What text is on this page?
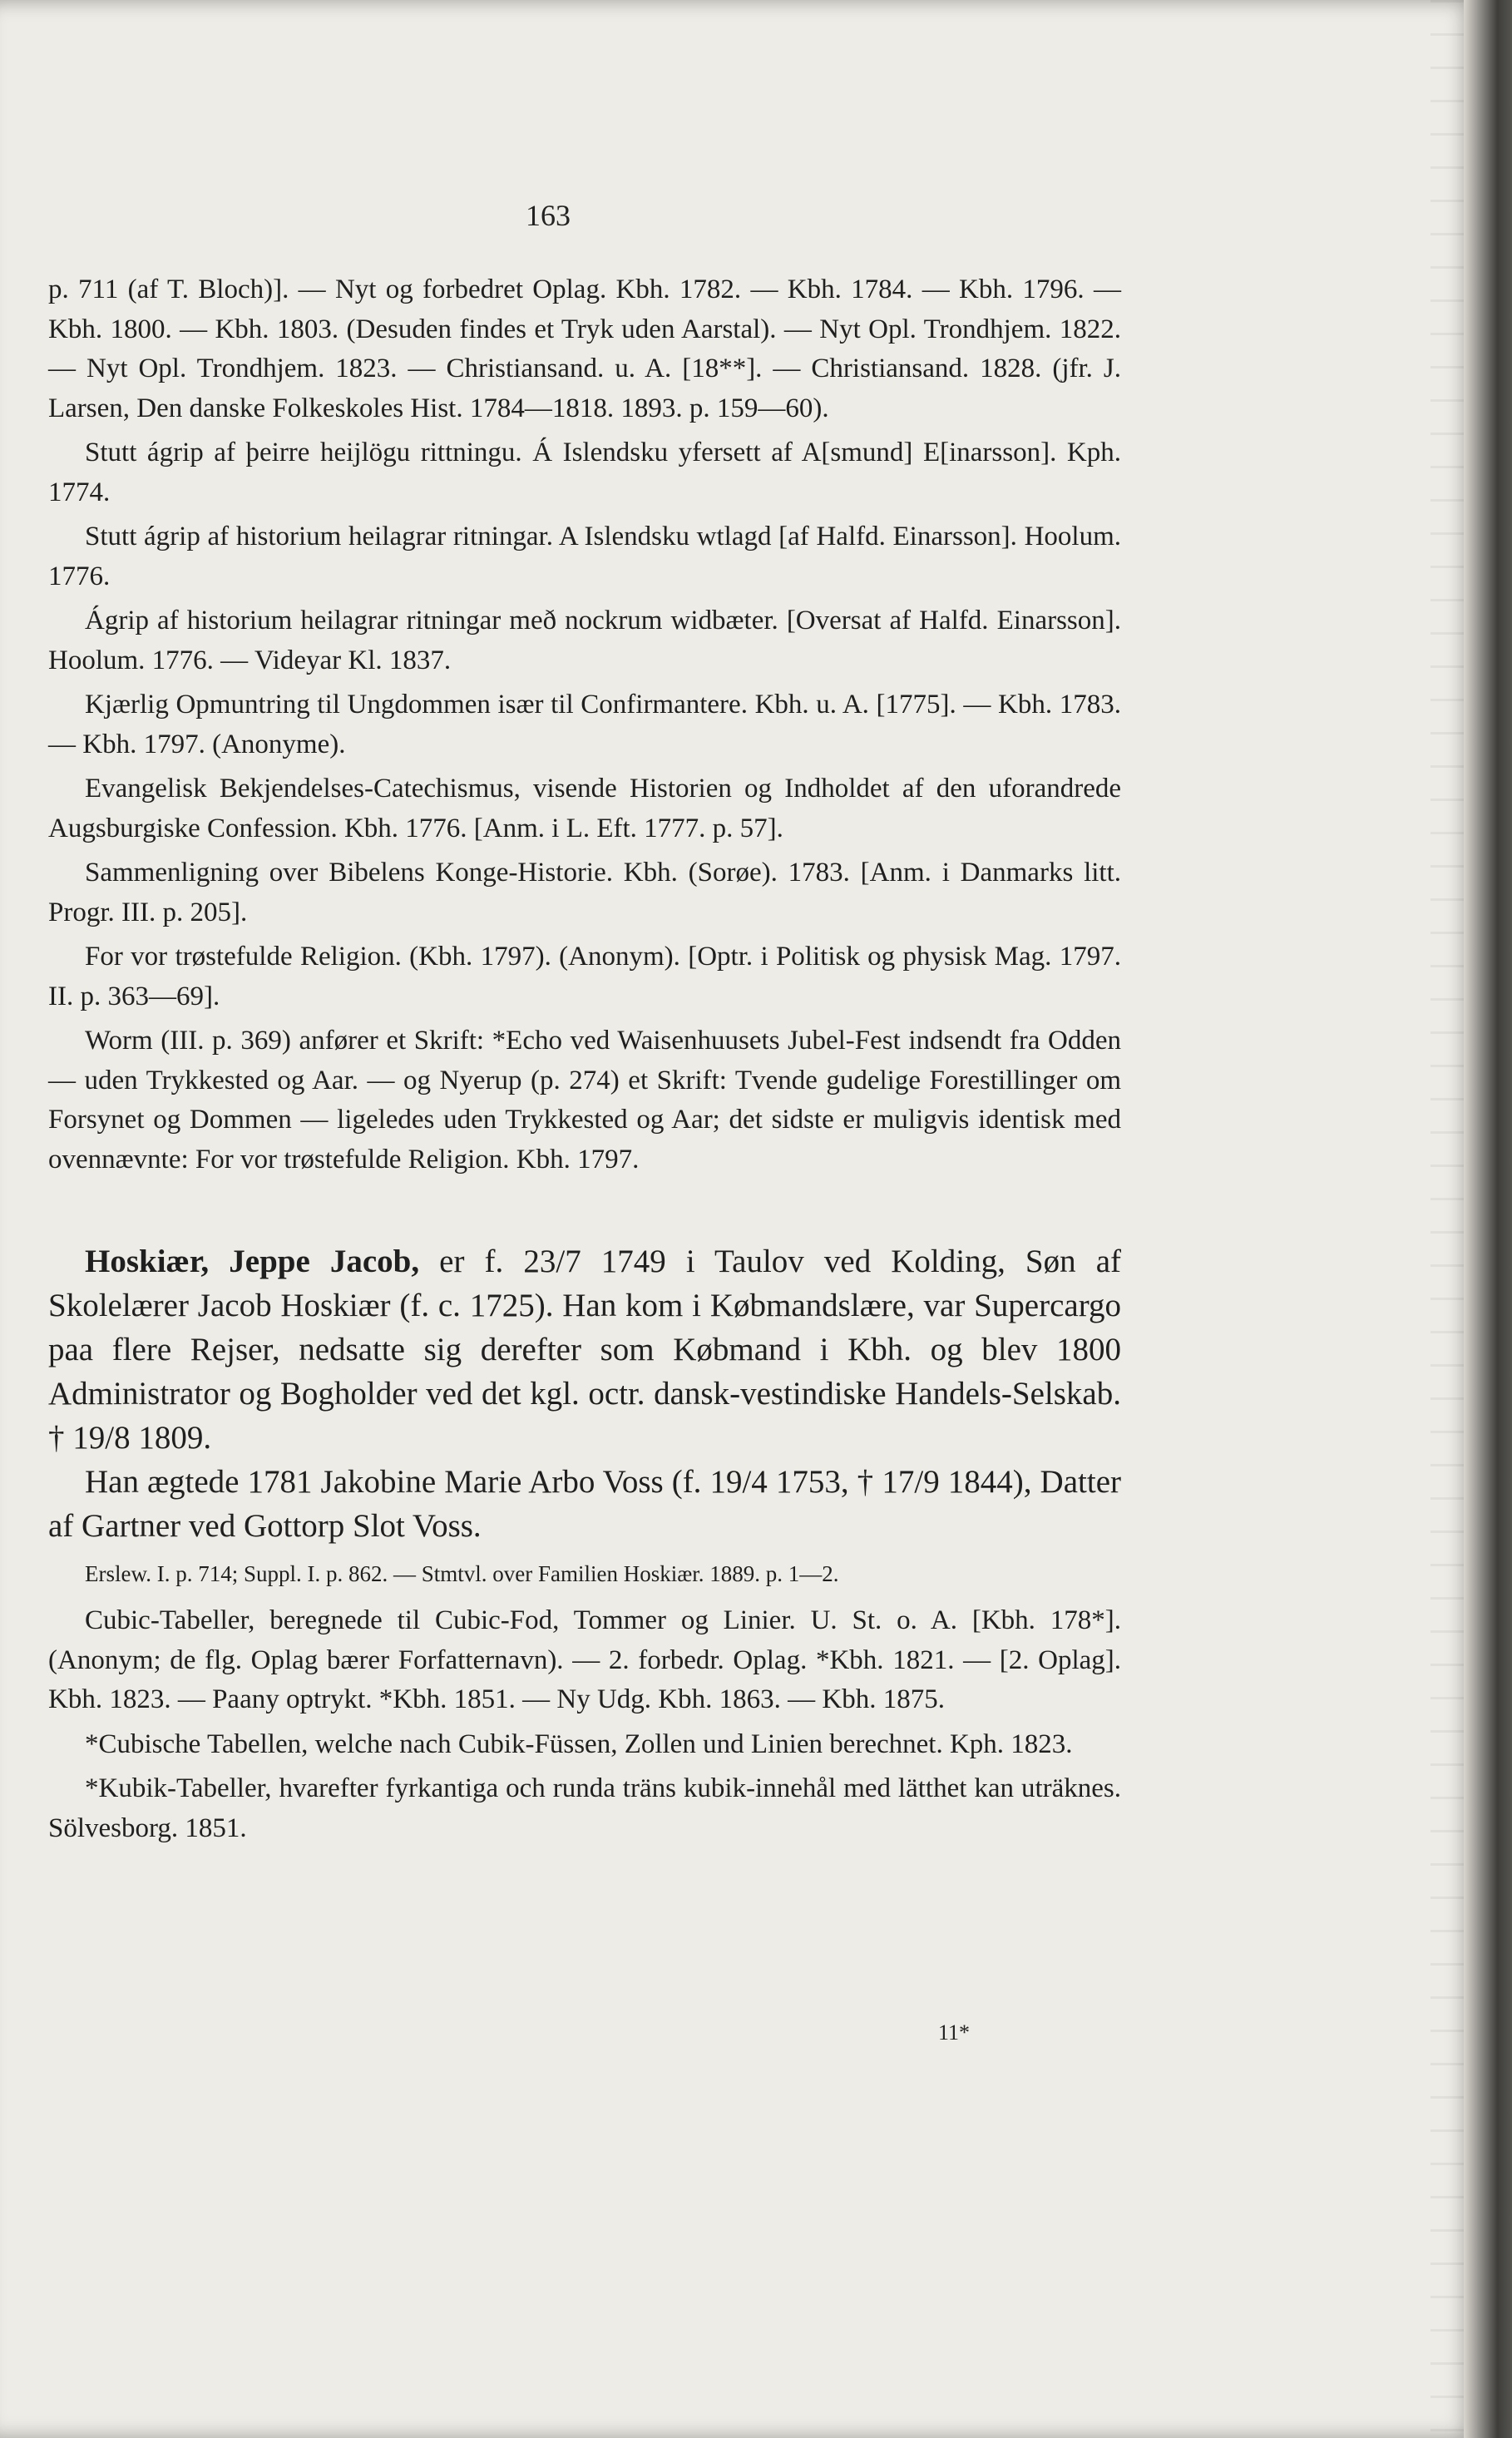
163

p. 711 (af T. Bloch)]. — Nyt og forbedret Oplag. Kbh. 1782. — Kbh. 1784. — Kbh. 1796. — Kbh. 1800. — Kbh. 1803. (Desuden findes et Tryk uden Aarstal). — Nyt Opl. Trondhjem. 1822. — Nyt Opl. Trondhjem. 1823. — Christiansand. u. A. [18**]. — Christiansand. 1828. (jfr. J. Larsen, Den danske Folkeskoles Hist. 1784—1818. 1893. p. 159—60).

Stutt ágrip af þeirre heijlögu rittningu. Á Islendsku yfersett af A[smund] E[inarsson]. Kph. 1774.

Stutt ágrip af historium heilagrar ritningar. A Islendsku wtlagd [af Halfd. Einarsson]. Hoolum. 1776.

Ágrip af historium heilagrar ritningar með nockrum widbæter. [Oversat af Halfd. Einarsson]. Hoolum. 1776. — Videyar Kl. 1837.

Kjærlig Opmuntring til Ungdommen især til Confirmantere. Kbh. u. A. [1775]. — Kbh. 1783. — Kbh. 1797. (Anonyme).

Evangelisk Bekjendelses-Catechismus, visende Historien og Indholdet af den uforandrede Augsburgiske Confession. Kbh. 1776. [Anm. i L. Eft. 1777. p. 57].

Sammenligning over Bibelens Konge-Historie. Kbh. (Sorøe). 1783. [Anm. i Danmarks litt. Progr. III. p. 205].

For vor trøstefulde Religion. (Kbh. 1797). (Anonym). [Optr. i Politisk og physisk Mag. 1797. II. p. 363—69].

Worm (III. p. 369) anfører et Skrift: *Echo ved Waisenhuusets Jubel-Fest indsendt fra Odden — uden Trykkested og Aar. — og Nyerup (p. 274) et Skrift: Tvende gudelige Forestillinger om Forsynet og Dommen — ligeledes uden Trykkested og Aar; det sidste er muligvis identisk med ovennævnte: For vor trøstefulde Religion. Kbh. 1797.

Hoskiær, Jeppe Jacob, er f. 23/7 1749 i Taulov ved Kolding, Søn af Skolelærer Jacob Hoskiær (f. c. 1725). Han kom i Købmandslære, var Supercargo paa flere Rejser, nedsatte sig derefter som Købmand i Kbh. og blev 1800 Administrator og Bogholder ved det kgl. octr. dansk-vestindiske Handels-Selskab. † 19/8 1809.

Han ægtede 1781 Jakobine Marie Arbo Voss (f. 19/4 1753, † 17/9 1844), Datter af Gartner ved Gottorp Slot Voss.

Erslew. I. p. 714; Suppl. I. p. 862. — Stmtvl. over Familien Hoskiær. 1889. p. 1—2.

Cubic-Tabeller, beregnede til Cubic-Fod, Tommer og Linier. U. St. o. A. [Kbh. 178*]. (Anonym; de flg. Oplag bærer Forfatternavn). — 2. forbedr. Oplag. *Kbh. 1821. — [2. Oplag]. Kbh. 1823. — Paany optrykt. *Kbh. 1851. — Ny Udg. Kbh. 1863. — Kbh. 1875.

*Cubische Tabellen, welche nach Cubik-Füssen, Zollen und Linien berechnet. Kph. 1823.

*Kubik-Tabeller, hvarefter fyrkantiga och runda träns kubik-innehål med lätthet kan uträknes. Sölvesborg. 1851.

11*
